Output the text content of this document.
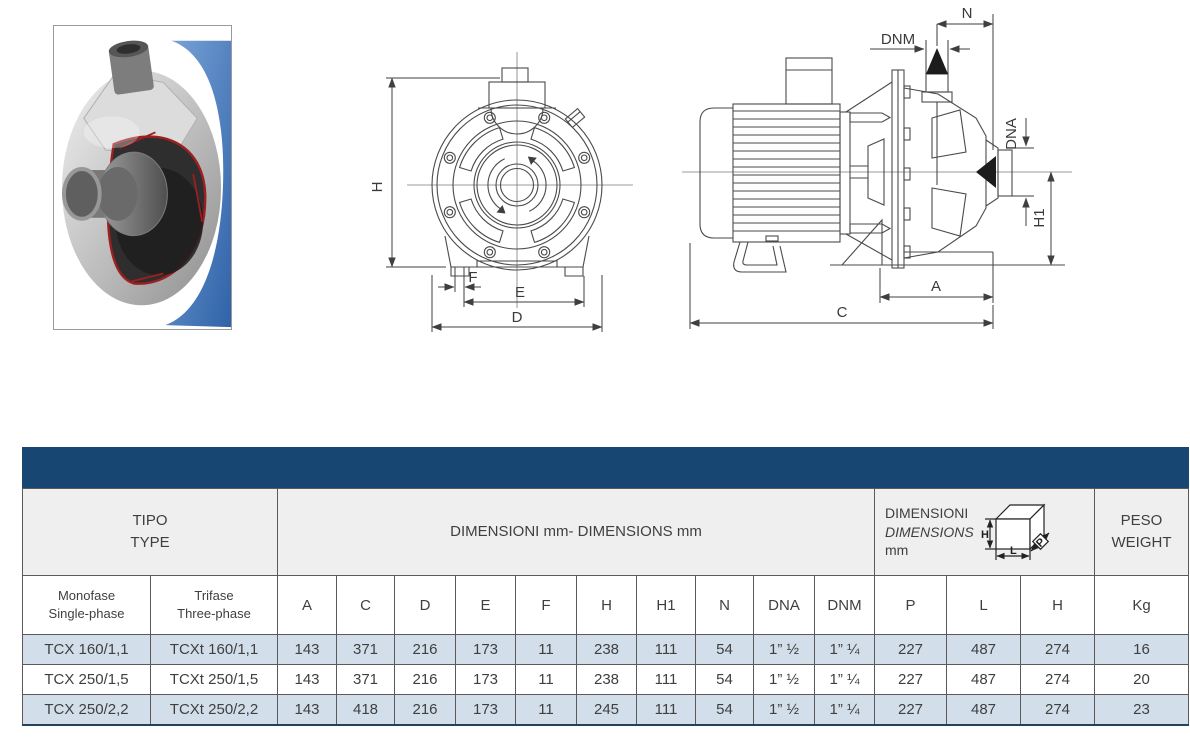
H
F
E
D
N
DNM
DNA
H1
A
C

TIPO
TYPE
	DIMENSIONI mm- DIMENSIONS mm	
DIMENSIONI
DIMENSIONS
mm
H
L
P

PESO
WEIGHT

Monofase
Single-phase

Trifase
Three-phase	A	C	D	E	F	H	H1	N	DNA	DNM	P	L	H	Kg
TCX 160/1,1	TCXt 160/1,1	143	371	216	173	11	238	111	54	1” ½	1” ¼	227	487	274	16
TCX 250/1,5	TCXt 250/1,5	143	371	216	173	11	238	111	54	1” ½	1” ¼	227	487	274	20
TCX 250/2,2	TCXt 250/2,2	143	418	216	173	11	245	111	54	1” ½	1” ¼	227	487	274	23
